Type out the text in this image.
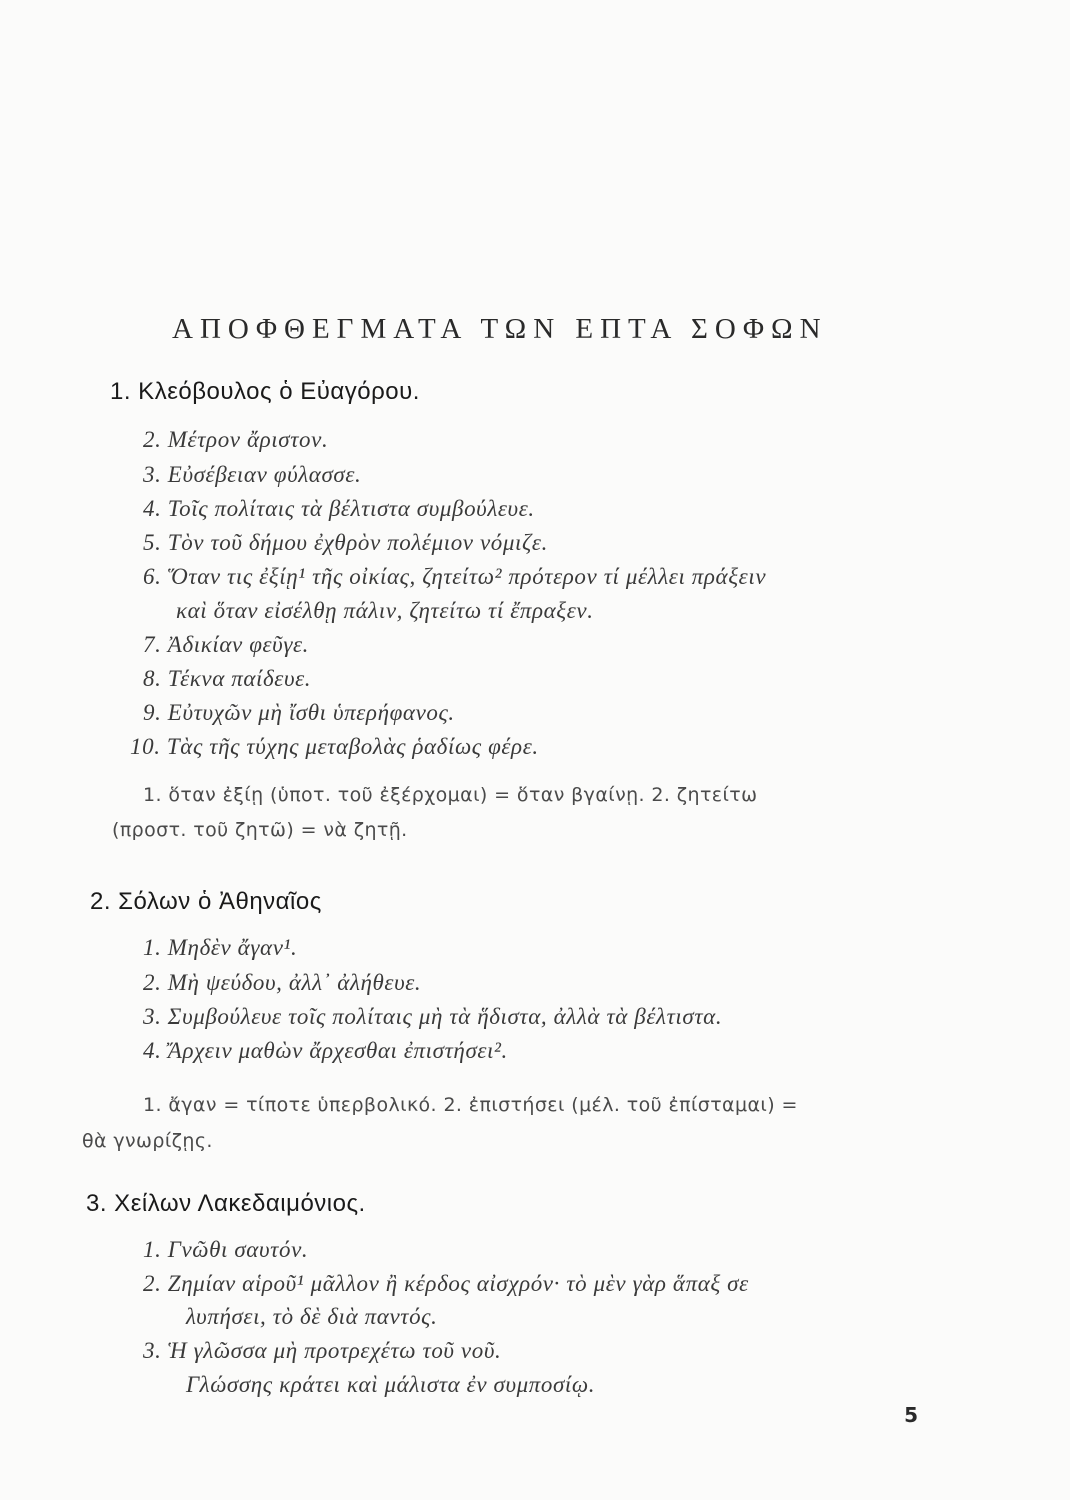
ΑΠΟΦΘΕΓΜΑΤΑ ΤΩΝ ΕΠΤΑ ΣΟΦΩΝ
1. Κλεόβουλος ὁ Εὐαγόρου.
2. Μέτρον ἄριστον.
3. Εὐσέβειαν φύλασσε.
4. Τοῖς πολίταις τὰ βέλτιστα συμβούλευε.
5. Τὸν τοῦ δήμου ἐχθρὸν πολέμιον νόμιζε.
6. Ὅταν τις ἐξίῃ¹ τῆς οἰκίας, ζητείτω² πρότερον τί μέλλει πράξειν
καὶ ὅταν εἰσέλθῃ πάλιν, ζητείτω τί ἔπραξεν.
7. Ἀδικίαν φεῦγε.
8. Τέκνα παίδευε.
9. Εὐτυχῶν μὴ ἴσθι ὑπερήφανος.
10. Τὰς τῆς τύχης μεταβολὰς ῥαδίως φέρε.
1. ὅταν ἐξίῃ (ὑποτ. τοῦ ἐξέρχομαι) = ὅταν βγαίνῃ. 2. ζητείτω
(προστ. τοῦ ζητῶ) = νὰ ζητῇ.
2. Σόλων ὁ Ἀθηναῖος
1. Μηδὲν ἄγαν¹.
2. Μὴ ψεύδου, ἀλλ᾿ ἀλήθευε.
3. Συμβούλευε τοῖς πολίταις μὴ τὰ ἥδιστα, ἀλλὰ τὰ βέλτιστα.
4. Ἄρχειν μαθὼν ἄρχεσθαι ἐπιστήσει².
1. ἄγαν = τίποτε ὑπερβολικό. 2. ἐπιστήσει (μέλ. τοῦ ἐπίσταμαι) =
θὰ γνωρίζῃς.
3. Χείλων Λακεδαιμόνιος.
1. Γνῶθι σαυτόν.
2. Ζημίαν αἱροῦ¹ μᾶλλον ἢ κέρδος αἰσχρόν· τὸ μὲν γὰρ ἅπαξ σε
λυπήσει, τὸ δὲ διὰ παντός.
3. Ἡ γλῶσσα μὴ προτρεχέτω τοῦ νοῦ.
Γλώσσης κράτει καὶ μάλιστα ἐν συμποσίῳ.
5
